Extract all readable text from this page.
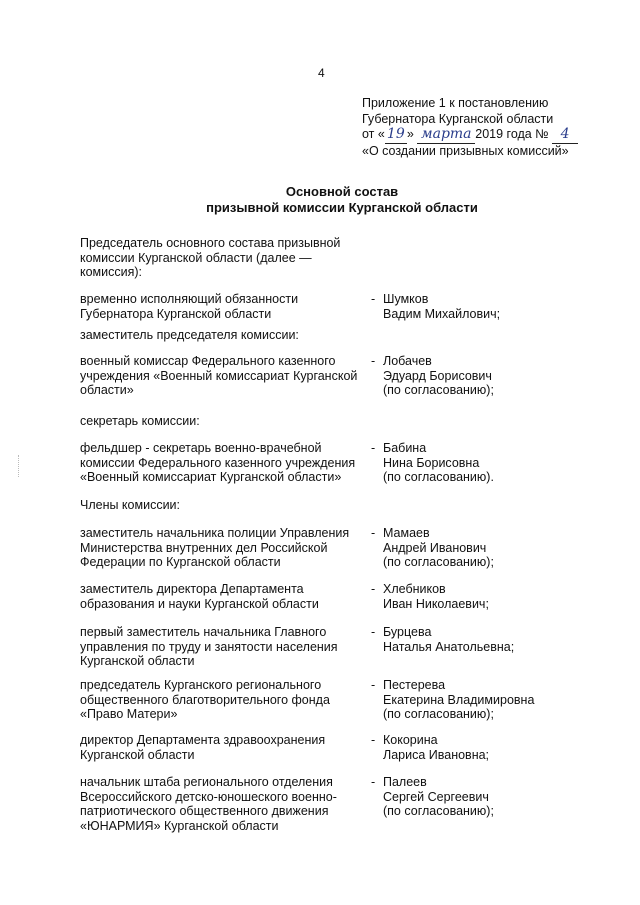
4
Приложение 1 к постановлению
Губернатора Курганской области
от « 19 » марта 2019 года № 4
«О создании призывных комиссий»
Основной состав
призывной комиссии Курганской области
Председатель основного состава призывной
комиссии Курганской области (далее —
комиссия):
временно исполняющий обязанности
Губернатора Курганской области
- Шумков
Вадим Михайлович;
заместитель председателя комиссии:
военный комиссар Федерального казенного
учреждения «Военный комиссариат Курганской
области»
- Лобачев
Эдуард Борисович
(по согласованию);
секретарь комиссии:
фельдшер - секретарь военно-врачебной
комиссии Федерального казенного учреждения
«Военный комиссариат Курганской области»
- Бабина
Нина Борисовна
(по согласованию).
Члены комиссии:
заместитель начальника полиции Управления
Министерства внутренних дел Российской
Федерации по Курганской области
- Мамаев
Андрей Иванович
(по согласованию);
заместитель директора Департамента
образования и науки Курганской области
- Хлебников
Иван Николаевич;
первый заместитель начальника Главного
управления по труду и занятости населения
Курганской области
- Бурцева
Наталья Анатольевна;
председатель Курганского регионального
общественного благотворительного фонда
«Право Матери»
- Пестерева
Екатерина Владимировна
(по согласованию);
директор Департамента здравоохранения
Курганской области
- Кокорина
Лариса Ивановна;
начальник штаба регионального отделения
Всероссийского детско-юношеского военно-
патриотического общественного движения
«ЮНАРМИЯ» Курганской области
- Палеев
Сергей Сергеевич
(по согласованию);
